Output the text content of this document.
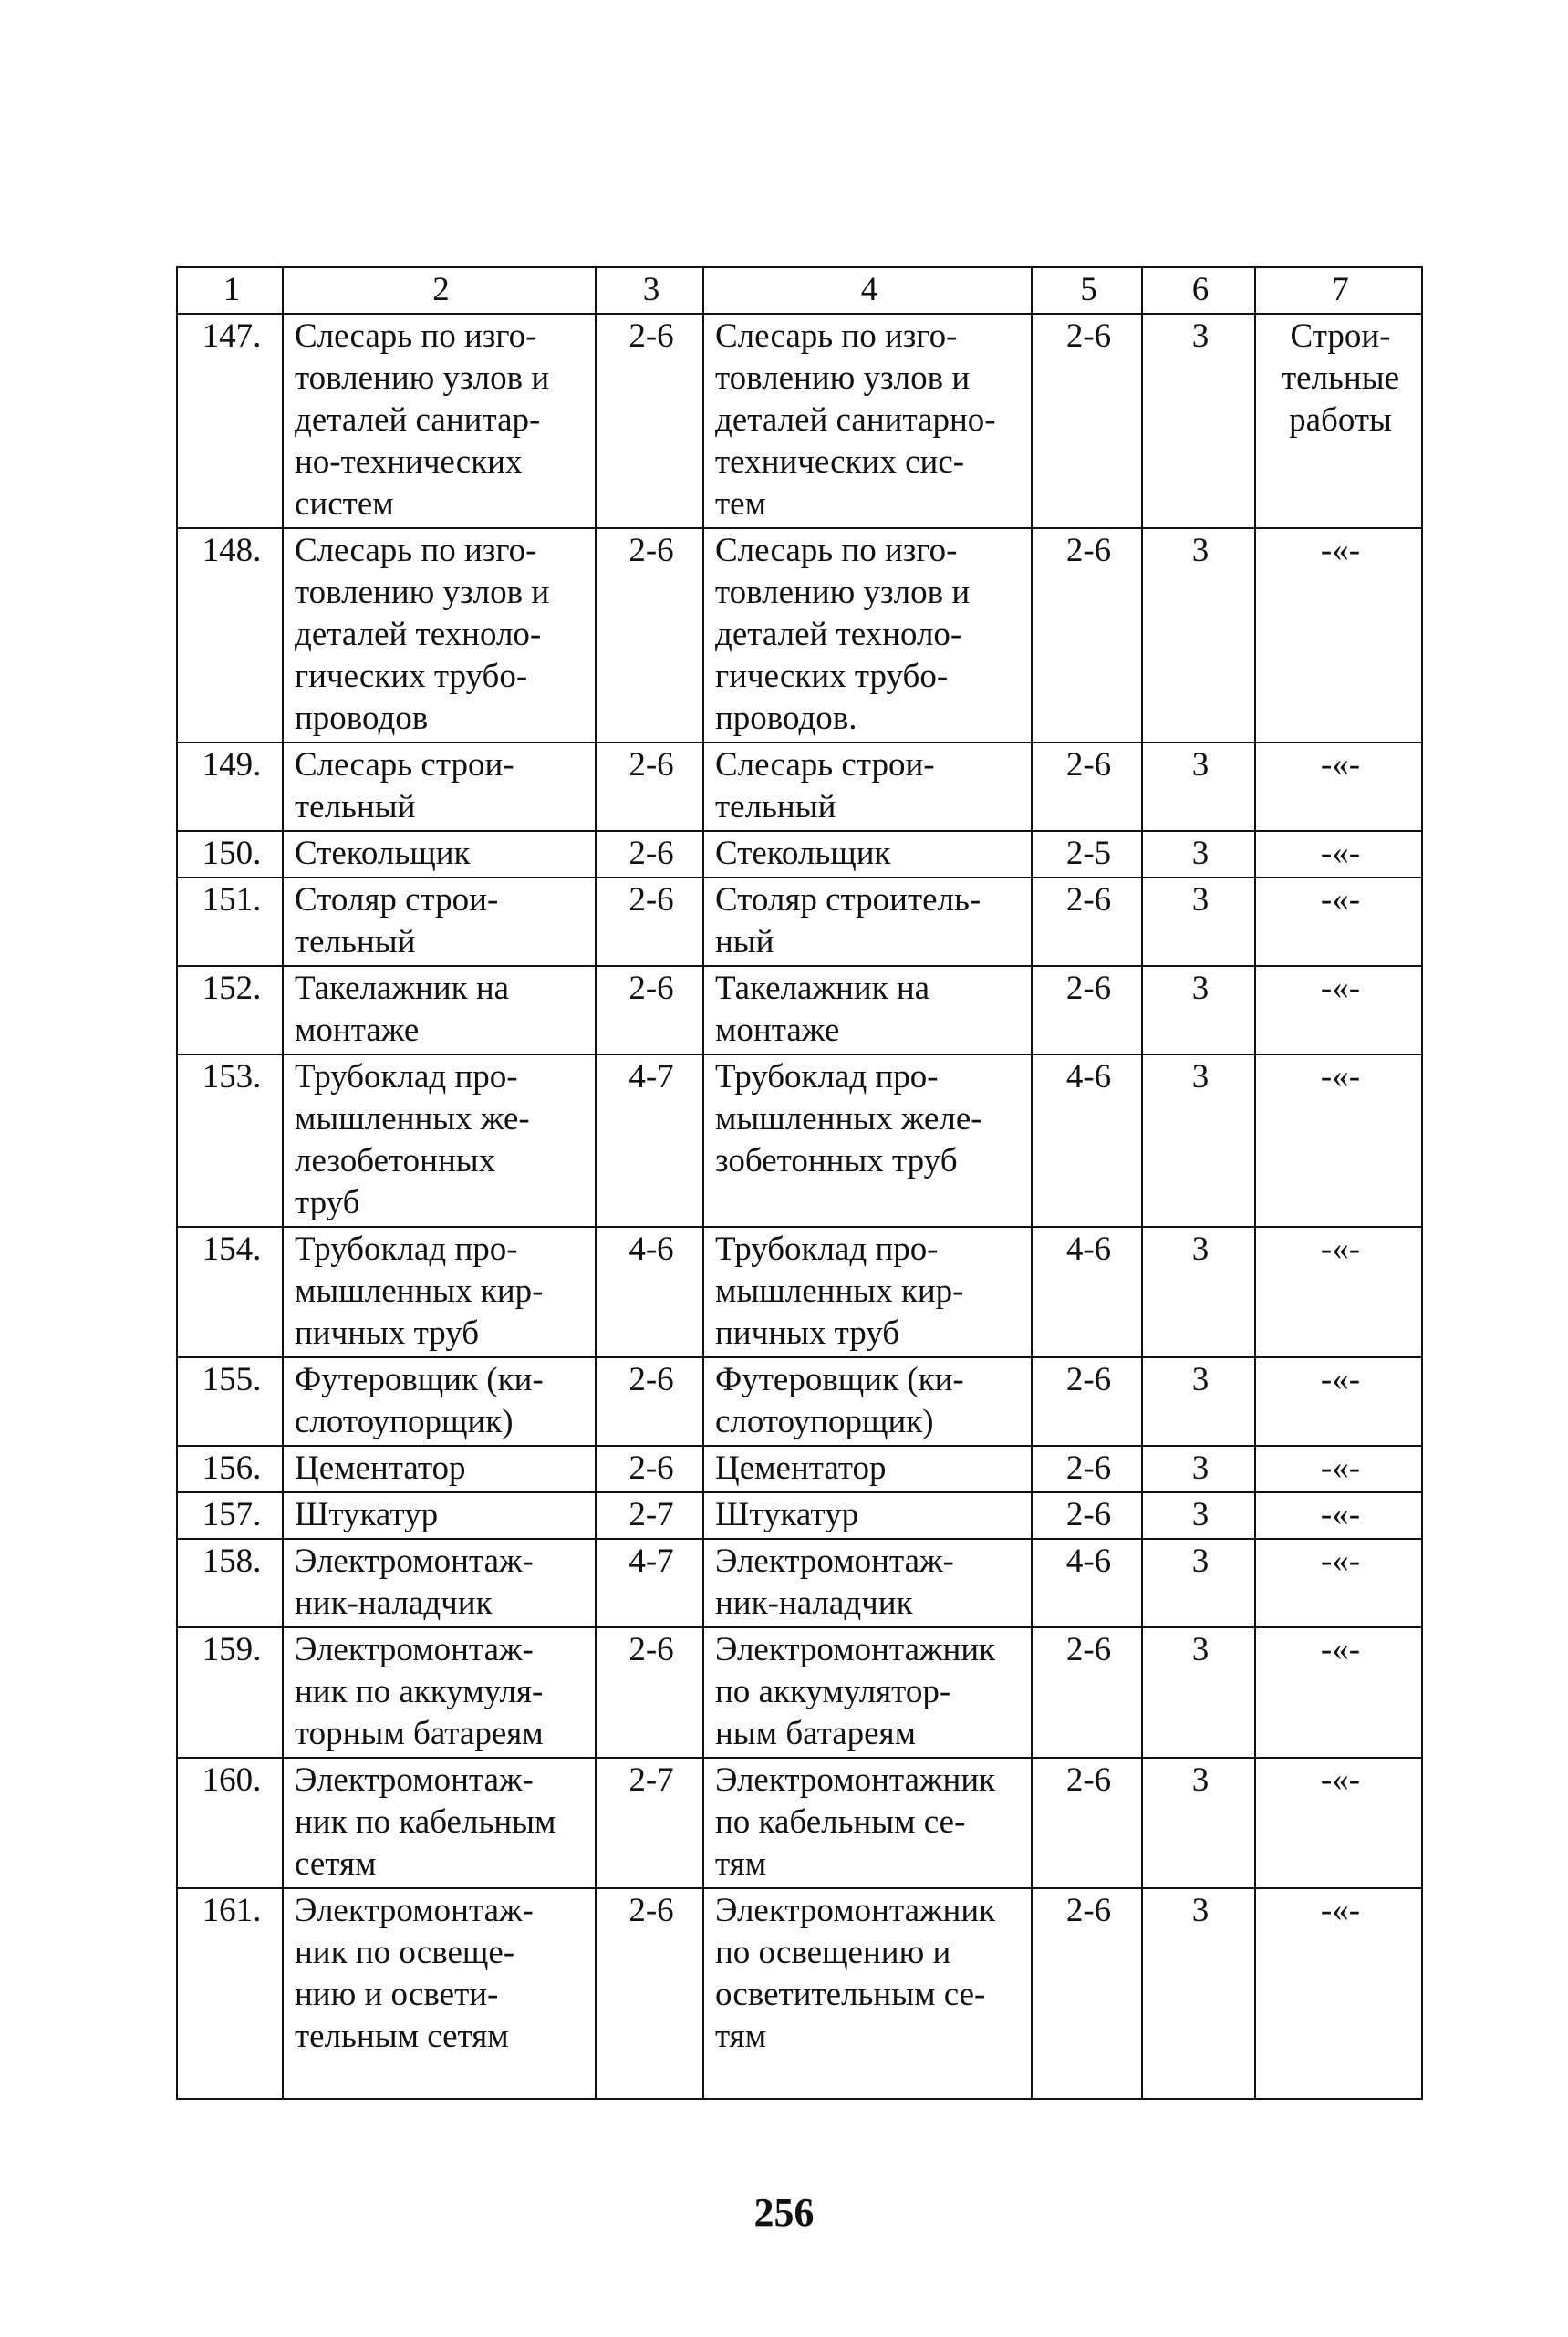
1	2	3	4	5	6	7
147.	Слесарь по изго-
товлению узлов и
деталей санитар-
но-технических
систем	2-6	Слесарь по изго-
товлению узлов и
деталей санитарно-
технических сис-
тем	2-6	3	Строи-
тельные
работы
148.	Слесарь по изго-
товлению узлов и
деталей техноло-
гических трубо-
проводов	2-6	Слесарь по изго-
товлению узлов и
деталей техноло-
гических трубо-
проводов.	2-6	3	-«-
149.	Слесарь строи-
тельный	2-6	Слесарь строи-
тельный	2-6	3	-«-
150.	Стекольщик	2-6	Стекольщик	2-5	3	-«-
151.	Столяр строи-
тельный	2-6	Столяр строитель-
ный	2-6	3	-«-
152.	Такелажник на
монтаже	2-6	Такелажник на
монтаже	2-6	3	-«-
153.	Трубоклад про-
мышленных же-
лезобетонных
труб	4-7	Трубоклад про-
мышленных желе-
зобетонных труб	4-6	3	-«-
154.	Трубоклад про-
мышленных кир-
пичных труб	4-6	Трубоклад про-
мышленных кир-
пичных труб	4-6	3	-«-
155.	Футеровщик (ки-
слотоупорщик)	2-6	Футеровщик (ки-
слотоупорщик)	2-6	3	-«-
156.	Цементатор	2-6	Цементатор	2-6	3	-«-
157.	Штукатур	2-7	Штукатур	2-6	3	-«-
158.	Электромонтаж-
ник-наладчик	4-7	Электромонтаж-
ник-наладчик	4-6	3	-«-
159.	Электромонтаж-
ник по аккумуля-
торным батареям	2-6	Электромонтажник
по аккумулятор-
ным батареям	2-6	3	-«-
160.	Электромонтаж-
ник по кабельным
сетям	2-7	Электромонтажник
по кабельным се-
тям	2-6	3	-«-
161.	Электромонтаж-
ник по освеще-
нию и освети-
тельным сетям	2-6	Электромонтажник
по освещению и
осветительным се-
тям	2-6	3	-«-
256
